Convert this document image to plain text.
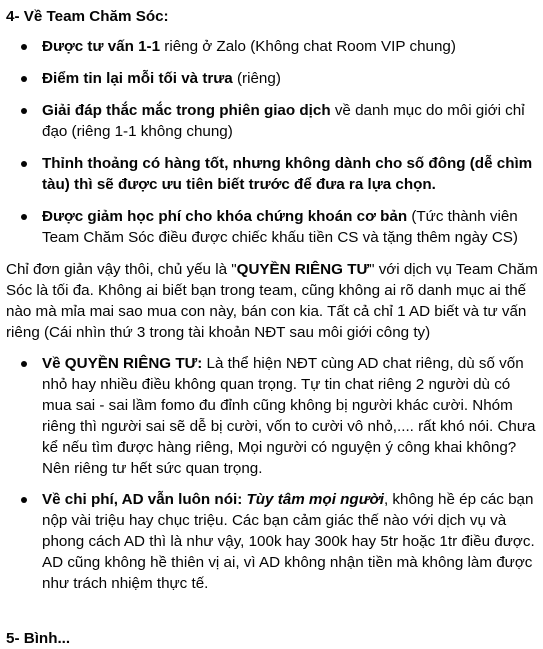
4- Về Team Chăm Sóc:
Được tư vấn 1-1 riêng ở Zalo (Không chat Room VIP chung)
Điểm tin lại mỗi tối và trưa (riêng)
Giải đáp thắc mắc trong phiên giao dịch về danh mục do môi giới chỉ đạo (riêng 1-1 không chung)
Thỉnh thoảng có hàng tốt, nhưng không dành cho số đông (dễ chìm tàu) thì sẽ được ưu tiên biết trước để đưa ra lựa chọn.
Được giảm học phí cho khóa chứng khoán cơ bản (Tức thành viên Team Chăm Sóc điều được chiếc khấu tiền CS và tặng thêm ngày CS)

Chỉ đơn giản vậy thôi, chủ yếu là "QUYỀN RIÊNG TƯ" với dịch vụ Team Chăm Sóc là tối đa. Không ai biết bạn trong team, cũng không ai rõ danh mục ai thế nào mà mỉa mai sao mua con này, bán con kia. Tất cả chỉ 1 AD biết và tư vấn riêng (Cái nhìn thứ 3 trong tài khoản NĐT sau môi giới công ty)

Về QUYỀN RIÊNG TƯ: Là thể hiện NĐT cùng AD chat riêng, dù số vốn nhỏ hay nhiều điều không quan trọng. Tự tin chat riêng 2 người dù có mua sai - sai lầm fomo đu đỉnh cũng không bị người khác cười. Nhóm riêng thì người sai sẽ dễ bị cười, vốn to cười vô nhỏ,.... rất khó nói. Chưa kể nếu tìm được hàng riêng, Mọi người có nguyện ý công khai không? Nên riêng tư hết sức quan trọng.
Về chi phí, AD vẫn luôn nói: Tùy tâm mọi người, không hề ép các bạn nộp vài triệu hay chục triệu. Các bạn cảm giác thế nào với dịch vụ và phong cách AD thì là như vậy, 100k hay 300k hay 5tr hoặc 1tr điều được. AD cũng không hề thiên vị ai, vì AD không nhận tiền mà không làm được như trách nhiệm thực tế.
5- Bình...
